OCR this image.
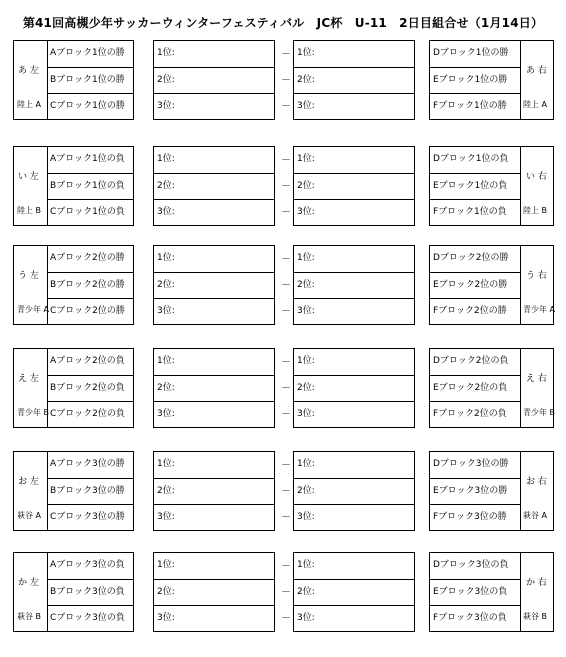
第41回高槻少年サッカーウィンターフェスティバル　JC杯　U-11　2日目組合せ（1月14日）
Aブロック1位の勝
Bブロック1位の勝
Cブロック1位の勝
あ 左
陸上 A
1位:
2位:
3位:
－
－
－
1位:
2位:
3位:
Dブロック1位の勝
Eブロック1位の勝
Fブロック1位の勝
あ 右
陸上 A
Aブロック1位の負
Bブロック1位の負
Cブロック1位の負
い 左
陸上 B
1位:
2位:
3位:
－
－
－
1位:
2位:
3位:
Dブロック1位の負
Eブロック1位の負
Fブロック1位の負
い 右
陸上 B
Aブロック2位の勝
Bブロック2位の勝
Cブロック2位の勝
う 左
青少年 A
1位:
2位:
3位:
－
－
－
1位:
2位:
3位:
Dブロック2位の勝
Eブロック2位の勝
Fブロック2位の勝
う 右
青少年 A
Aブロック2位の負
Bブロック2位の負
Cブロック2位の負
え 左
青少年 B
1位:
2位:
3位:
－
－
－
1位:
2位:
3位:
Dブロック2位の負
Eブロック2位の負
Fブロック2位の負
え 右
青少年 B
Aブロック3位の勝
Bブロック3位の勝
Cブロック3位の勝
お 左
萩谷 A
1位:
2位:
3位:
－
－
－
1位:
2位:
3位:
Dブロック3位の勝
Eブロック3位の勝
Fブロック3位の勝
お 右
萩谷 A
Aブロック3位の負
Bブロック3位の負
Cブロック3位の負
か 左
萩谷 B
1位:
2位:
3位:
－
－
－
1位:
2位:
3位:
Dブロック3位の負
Eブロック3位の負
Fブロック3位の負
か 右
萩谷 B
